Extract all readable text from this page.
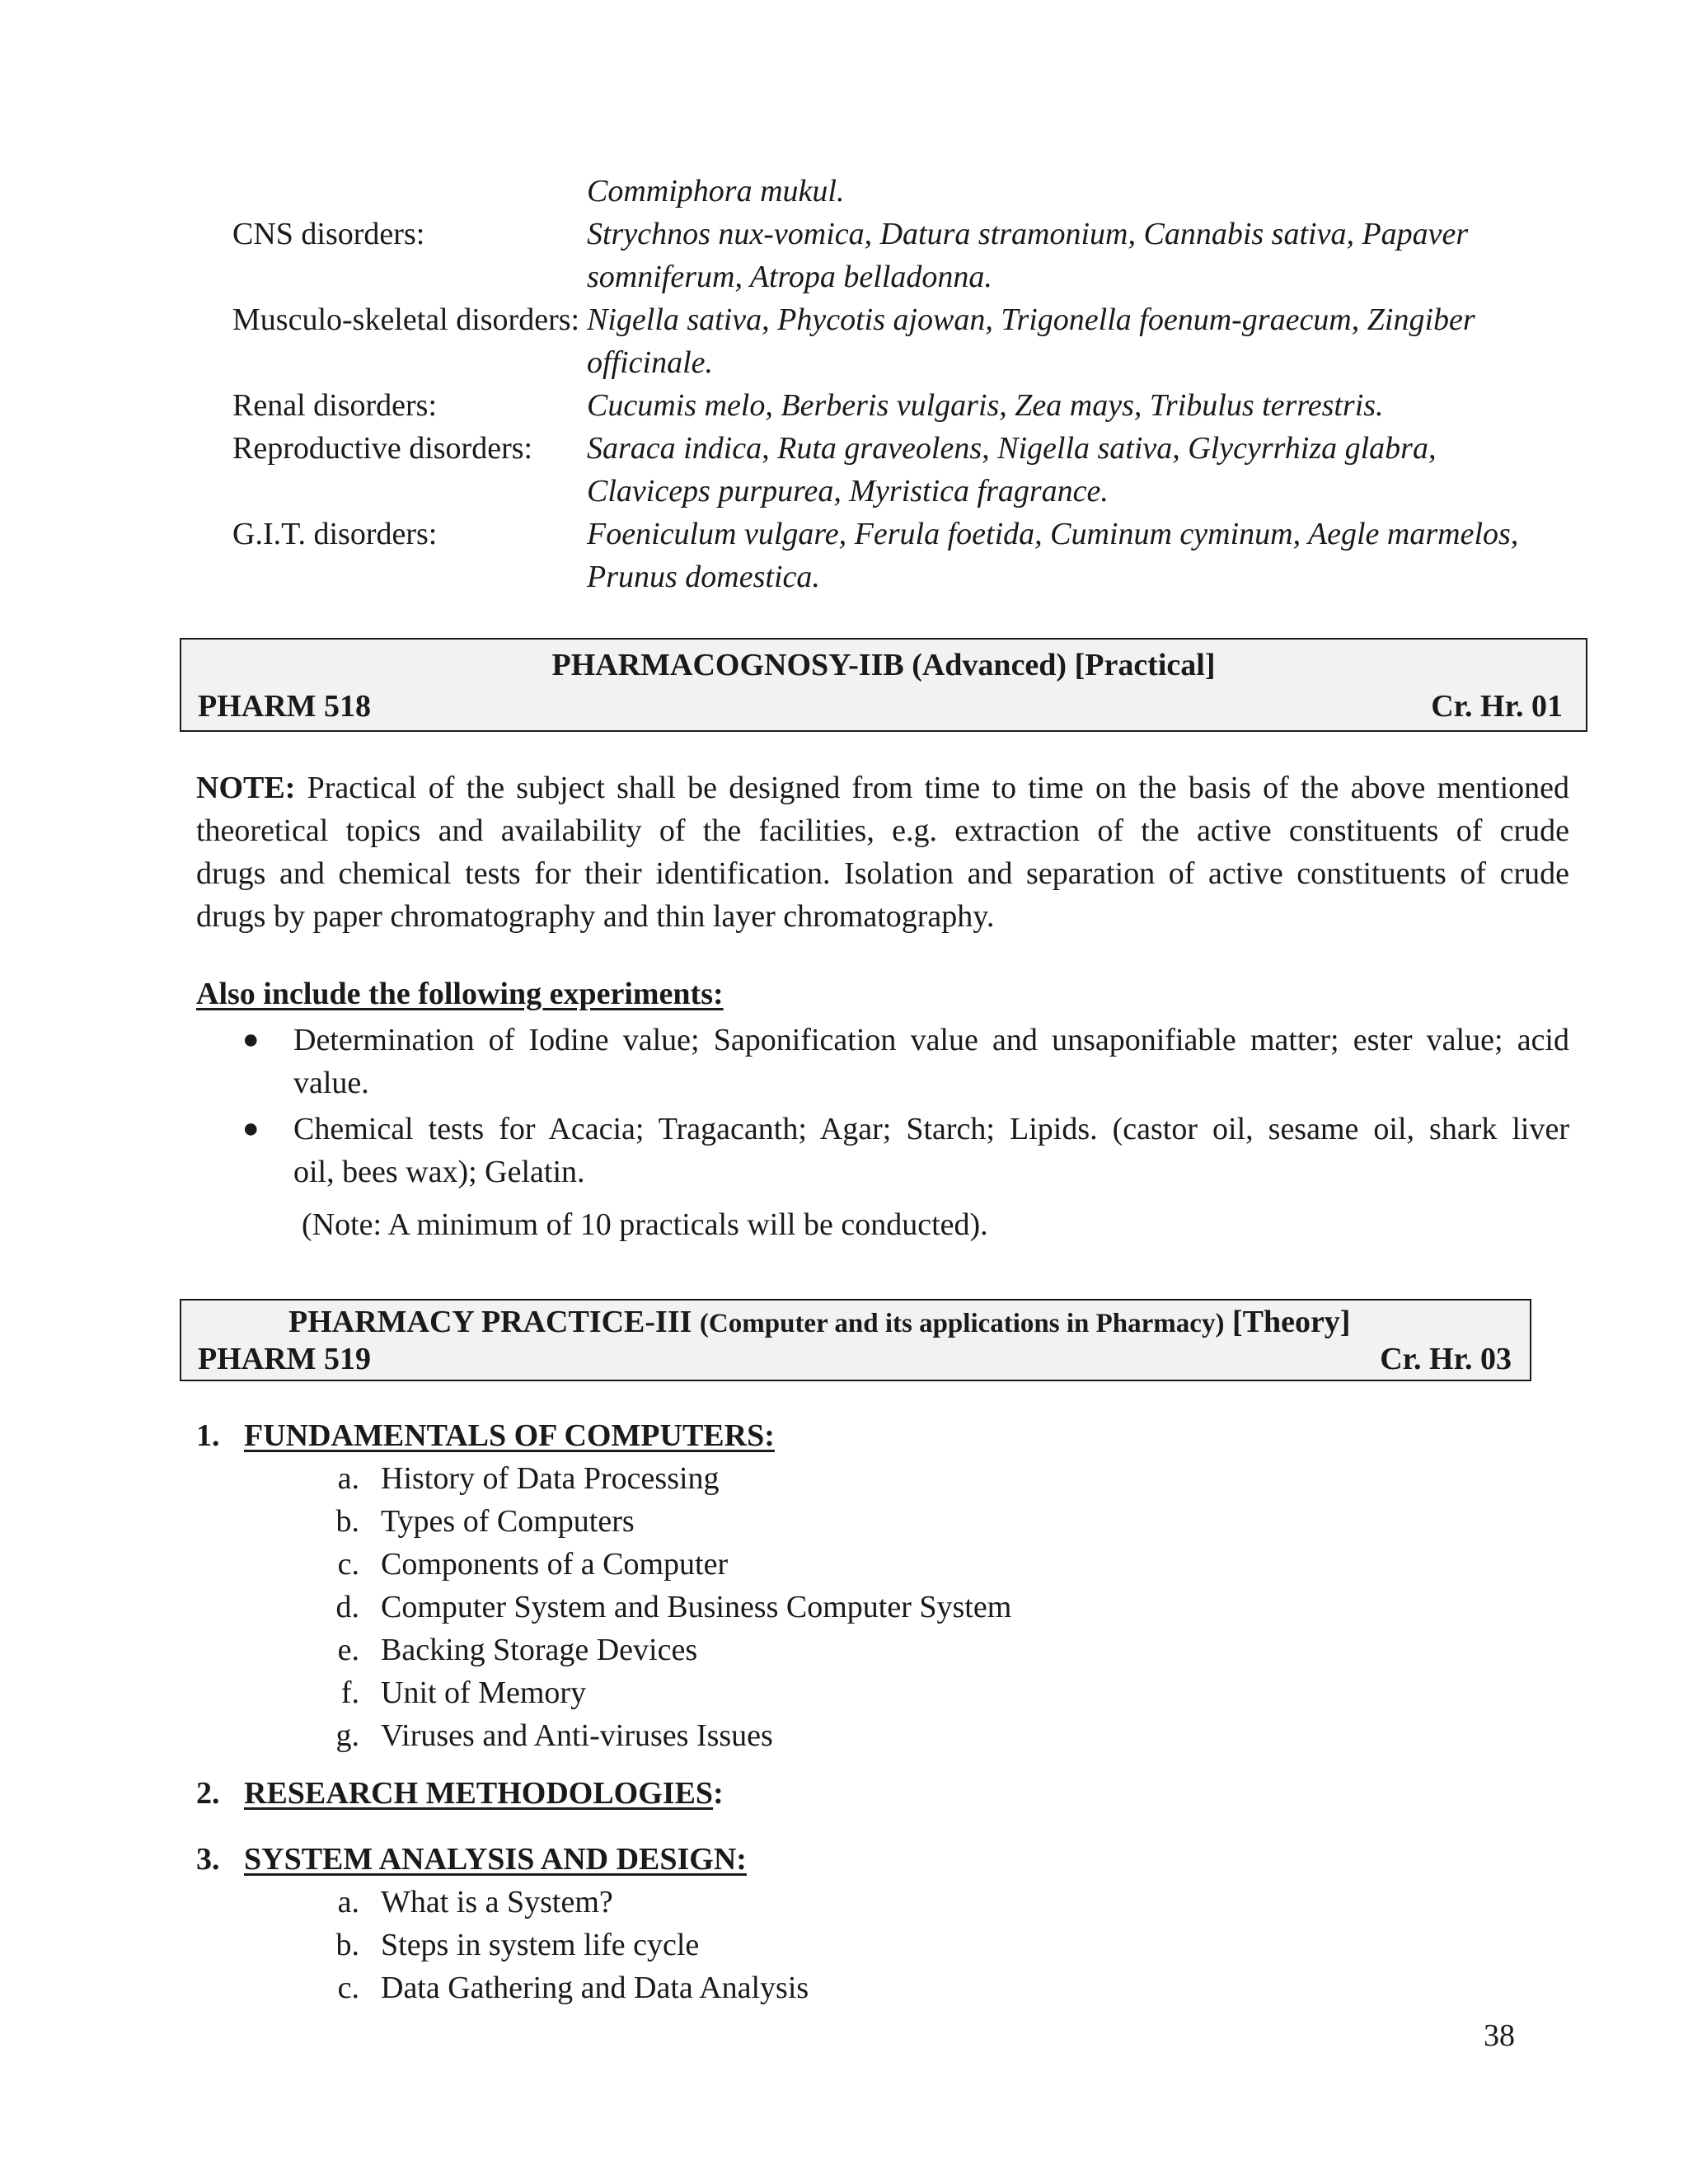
Commiphora mukul.
CNS disorders:	Strychnos nux-vomica, Datura stramonium, Cannabis sativa, Papaver
somniferum, Atropa belladonna.
Musculo-skeletal disorders: Nigella sativa, Phycotis ajowan, Trigonella foenum-graecum, Zingiber
officinale.
Renal disorders:	Cucumis melo, Berberis vulgaris, Zea mays, Tribulus terrestris.
Reproductive disorders: Saraca indica, Ruta graveolens, Nigella sativa, Glycyrrhiza glabra,
Claviceps purpurea, Myristica fragrance.
G.I.T. disorders:	Foeniculum vulgare, Ferula foetida, Cuminum cyminum, Aegle marmelos,
Prunus domestica.
PHARMACOGNOSY-IIB (Advanced) [Practical]
PHARM 518	Cr. Hr. 01
NOTE: Practical of the subject shall be designed from time to time on the basis of the above mentioned
theoretical topics and availability of the facilities, e.g. extraction of the active constituents of crude
drugs and chemical tests for their identification. Isolation and separation of active constituents of crude
drugs by paper chromatography and thin layer chromatography.
Also include the following experiments:
● Determination of Iodine value; Saponification value and unsaponifiable matter; ester value; acid
value.
● Chemical tests for Acacia; Tragacanth; Agar; Starch; Lipids. (castor oil, sesame oil, shark liver
oil, bees wax); Gelatin.
(Note: A minimum of 10 practicals will be conducted).
PHARMACY PRACTICE-III (Computer and its applications in Pharmacy) [Theory]
PHARM 519	Cr. Hr. 03
1. FUNDAMENTALS OF COMPUTERS:
a. History of Data Processing
b. Types of Computers
c. Components of a Computer
d. Computer System and Business Computer System
e. Backing Storage Devices
f. Unit of Memory
g. Viruses and Anti-viruses Issues
2. RESEARCH METHODOLOGIES:
3. SYSTEM ANALYSIS AND DESIGN:
a. What is a System?
b. Steps in system life cycle
c. Data Gathering and Data Analysis
38
